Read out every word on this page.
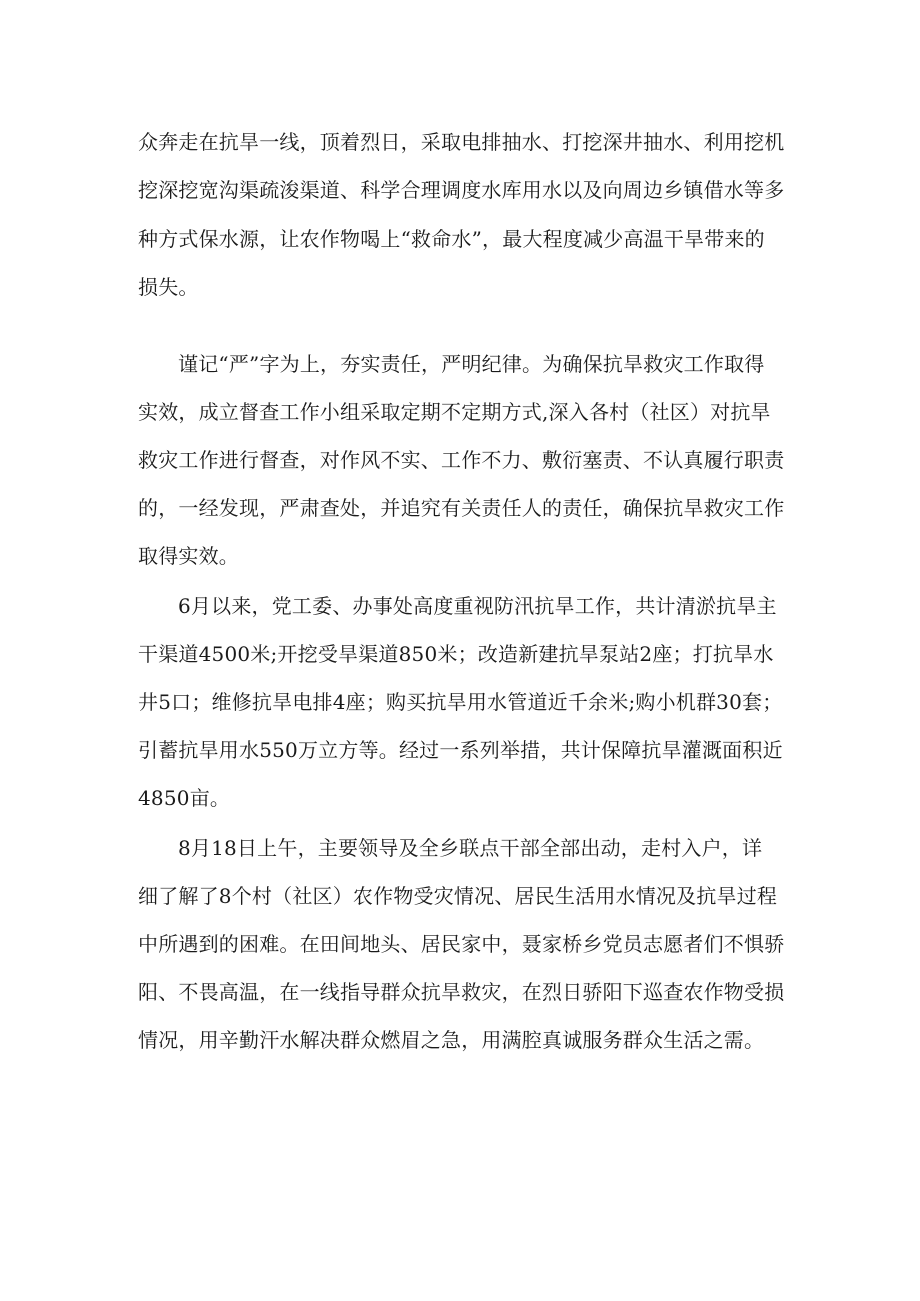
众奔走在抗旱一线，顶着烈日，采取电排抽水、打挖深井抽水、利用挖机
挖深挖宽沟渠疏浚渠道、科学合理调度水库用水以及向周边乡镇借水等多
种方式保水源，让农作物喝上“救命水”，最大程度减少高温干旱带来的
损失。
谨记“严”字为上，夯实责任，严明纪律。为确保抗旱救灾工作取得
实效，成立督查工作小组采取定期不定期方式,深入各村（社区）对抗旱
救灾工作进行督查，对作风不实、工作不力、敷衍塞责、不认真履行职责
的，一经发现，严肃查处，并追究有关责任人的责任，确保抗旱救灾工作
取得实效。
6月以来，党工委、办事处高度重视防汛抗旱工作，共计清淤抗旱主
干渠道4500米;开挖受旱渠道850米；改造新建抗旱泵站2座；打抗旱水
井5口；维修抗旱电排4座；购买抗旱用水管道近千余米;购小机群30套；
引蓄抗旱用水550万立方等。经过一系列举措，共计保障抗旱灌溉面积近
4850亩。
8月18日上午，主要领导及全乡联点干部全部出动，走村入户，详
细了解了8个村（社区）农作物受灾情况、居民生活用水情况及抗旱过程
中所遇到的困难。在田间地头、居民家中，聂家桥乡党员志愿者们不惧骄
阳、不畏高温，在一线指导群众抗旱救灾，在烈日骄阳下巡查农作物受损
情况，用辛勤汗水解决群众燃眉之急，用满腔真诚服务群众生活之需。
